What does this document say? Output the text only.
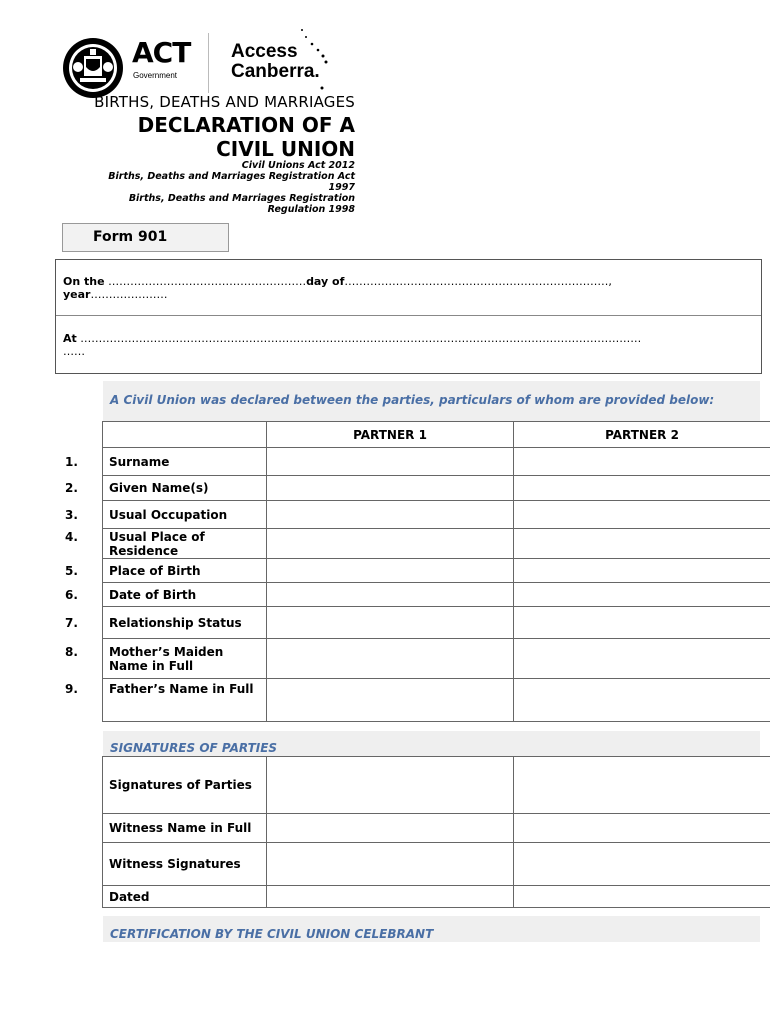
ACT
Government
Access
Canberra.
BIRTHS, DEATHS AND MARRIAGES
DECLARATION OF A
CIVIL UNION
Civil Unions Act 2012
Births, Deaths and Marriages Registration Act
1997
Births, Deaths and Marriages Registration
Regulation 1998
Form 901
On the ………………………………………………day of………………………………………………………………,
year…………………
At ………………………………………………………………………………………………………………………………………
……
A Civil Union was declared between the parties, particulars of whom are provided below:
	PARTNER 1	PARTNER 2
1. Surname		
2. Given Name(s)		
3. Usual Occupation		
4. Usual Place of Residence		
5. Place of Birth		
6. Date of Birth		
7. Relationship Status		
8. Mother’s Maiden Name in Full		
9. Father’s Name in Full		
SIGNATURES OF PARTIES
Signatures of Parties		
Witness Name in Full		
Witness Signatures		
Dated		
CERTIFICATION BY THE CIVIL UNION CELEBRANT
